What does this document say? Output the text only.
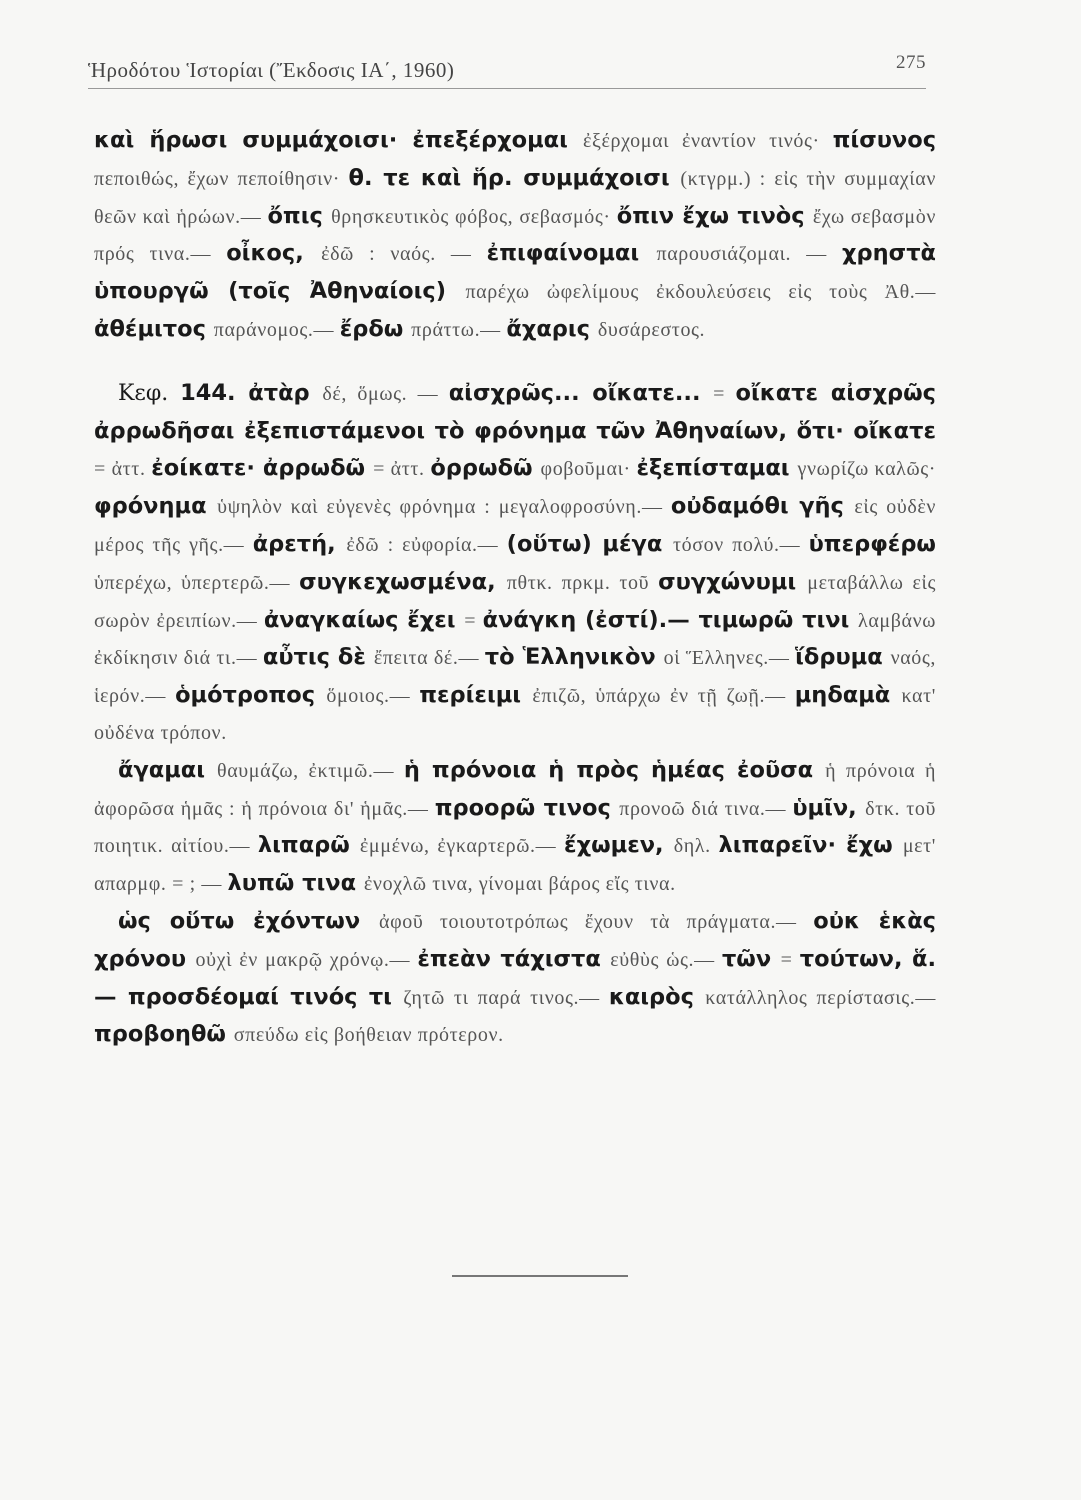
Ἡροδότου Ἱστορίαι (Ἔκδοσις ΙΑ΄, 1960)	275

καὶ ἥρωσι συμμάχοισι· ἐπεξέρχομαι ἐξέρχομαι ἐναντίον τινός· πίσυνος πεποιθώς, ἔχων πεποίθησιν· θ. τε καὶ ἥρ. συμμάχοισι (κτγρμ.) : εἰς τὴν συμμαχίαν θεῶν καὶ ἡρώων.— ὄπις θρησκευτικὸς φόβος, σεβασμός· ὄπιν ἔχω τινὸς ἔχω σεβασμὸν πρός τινα.— οἶκος, ἐδῶ : ναός. — ἐπιφαίνομαι παρουσιάζομαι. — χρηστὰ ὑπουργῶ (τοῖς Ἀθηναίοις) παρέχω ὠφελίμους ἐκδουλεύσεις εἰς τοὺς Ἀθ.— ἀθέμιτος παράνομος.— ἔρδω πράττω.— ἄχαρις δυσάρεστος.

Κεφ. 144. ἀτὰρ δέ, ὅμως. — αἰσχρῶς... οἴκατε... = οἴκατε αἰσχρῶς ἀρρωδῆσαι ἐξεπιστάμενοι τὸ φρόνημα τῶν Ἀθηναίων, ὅτι· οἴκατε = ἀττ. ἐοίκατε· ἀρρωδῶ = ἀττ. ὀρρωδῶ φοβοῦμαι· ἐξεπίσταμαι γνωρίζω καλῶς· φρόνημα ὑψηλὸν καὶ εὐγενὲς φρόνημα : μεγαλοφροσύνη.— οὐδαμόθι γῆς εἰς οὐδὲν μέρος τῆς γῆς.— ἀρετή, ἐδῶ : εὐφορία.— (οὕτω) μέγα τόσον πολύ.— ὑπερφέρω ὑπερέχω, ὑπερτερῶ.— συγκεχωσμένα, πθτκ. πρκμ. τοῦ συγχώνυμι μεταβάλλω εἰς σωρὸν ἐρειπίων.— ἀναγκαίως ἔχει = ἀνάγκη (ἐστί).— τιμωρῶ τινι λαμβάνω ἐκδίκησιν διά τι.— αὖτις δὲ ἔπειτα δέ.— τὸ Ἑλληνικὸν οἱ Ἕλληνες.— ἵδρυμα ναός, ἱερόν.— ὁμότροπος ὅμοιος.— περίειμι ἐπιζῶ, ὑπάρχω ἐν τῇ ζωῇ.— μηδαμὰ κατ' οὐδένα τρόπον.

ἄγαμαι θαυμάζω, ἐκτιμῶ.— ἡ πρόνοια ἡ πρὸς ἡμέας ἐοῦσα ἡ πρόνοια ἡ ἀφορῶσα ἡμᾶς : ἡ πρόνοια δι' ἡμᾶς.— προορῶ τινος προνοῶ διά τινα.— ὑμῖν, δτκ. τοῦ ποιητικ. αἰτίου.— λιπαρῶ ἐμμένω, ἐγκαρτερῶ.— ἔχωμεν, δηλ. λιπαρεῖν· ἔχω μετ' απαρμφ. = ; — λυπῶ τινα ἐνοχλῶ τινα, γίνομαι βάρος εἴς τινα.

ὡς οὕτω ἐχόντων ἀφοῦ τοιουτοτρόπως ἔχουν τὰ πράγματα.— οὐκ ἑκὰς χρόνου οὐχὶ ἐν μακρῷ χρόνῳ.— ἐπεὰν τάχιστα εὐθὺς ὡς.— τῶν = τούτων, ἅ.— προσδέομαί τινός τι ζητῶ τι παρά τινος.— καιρὸς κατάλληλος περίστασις.— προβοηθῶ σπεύδω εἰς βοήθειαν πρότερον.
